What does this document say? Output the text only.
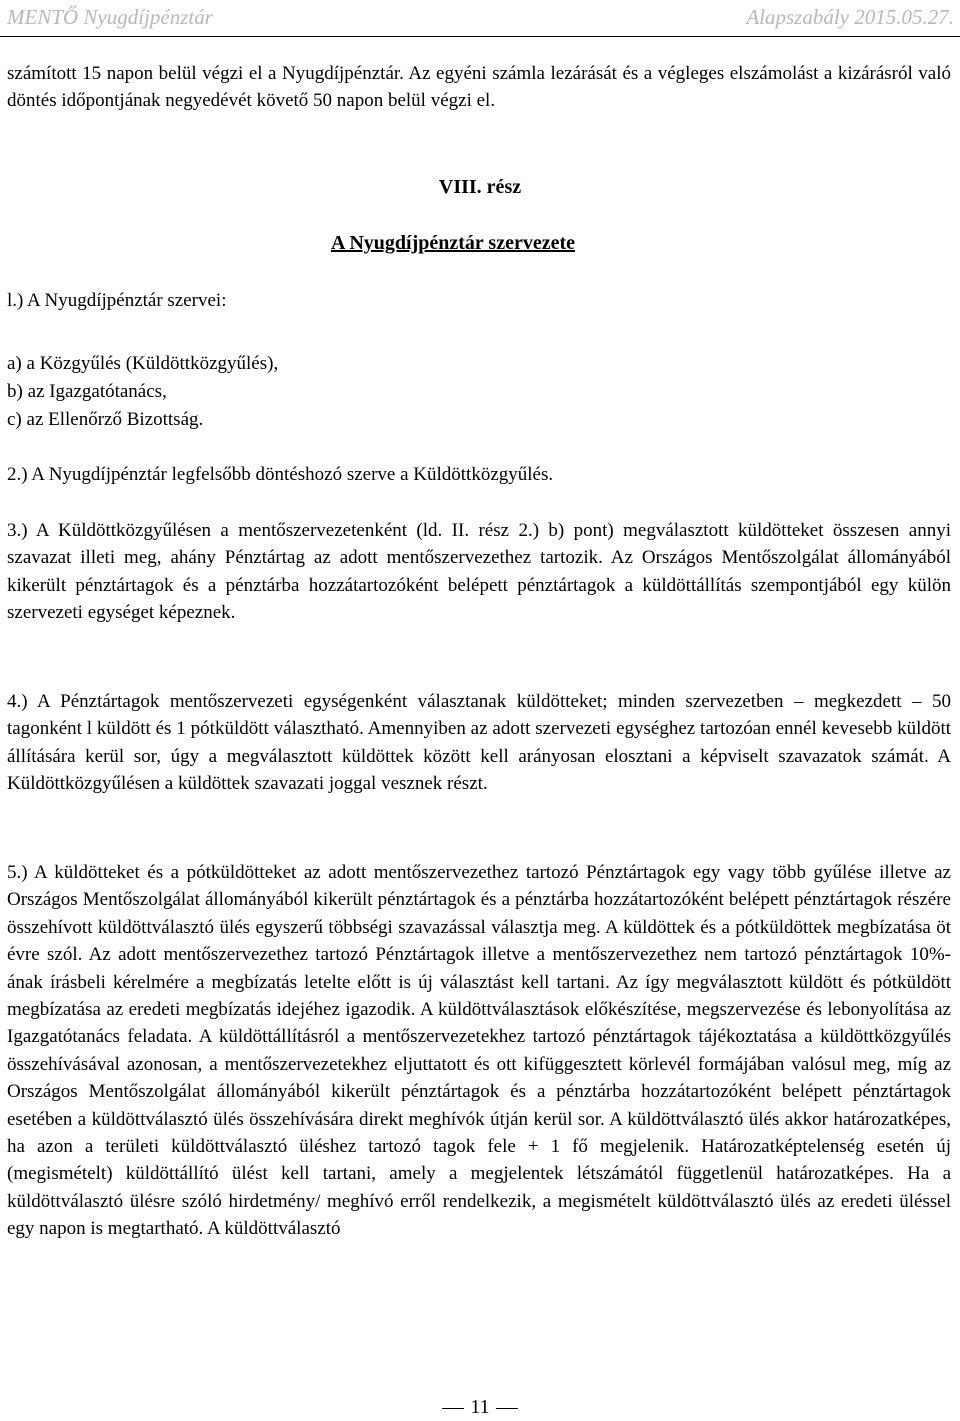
MENTŐ Nyugdíjpénztár	Alapszabály 2015.05.27.

számított 15 napon belül végzi el a Nyugdíjpénztár. Az egyéni számla lezárását és a végleges elszámolást a kizárásról való döntés időpontjának negyedévét követő 50 napon belül végzi el.

VIII. rész

A Nyugdíjpénztár szervezete

l.) A Nyugdíjpénztár szervei:

a) a Közgyűlés (Küldöttközgyűlés),

b) az Igazgatótanács,

c) az Ellenőrző Bizottság.

2.) A Nyugdíjpénztár legfelsőbb döntéshozó szerve a Küldöttközgyűlés.

3.) A Küldöttközgyűlésen a mentőszervezetenként (ld. II. rész 2.) b) pont) megválasztott küldötteket összesen annyi szavazat illeti meg, ahány Pénztártag az adott mentőszervezethez tartozik. Az Országos Mentőszolgálat állományából kikerült pénztártagok és a pénztárba hozzátartozóként belépett pénztártagok a küldöttállítás szempontjából egy külön szervezeti egységet képeznek.

4.) A Pénztártagok mentőszervezeti egységenként választanak küldötteket; minden szervezetben – megkezdett – 50 tagonként l küldött és 1 pótküldött választható. Amennyiben az adott szervezeti egységhez tartozóan ennél kevesebb küldött állítására kerül sor, úgy a megválasztott küldöttek között kell arányosan elosztani a képviselt szavazatok számát. A Küldöttközgyűlésen a küldöttek szavazati joggal vesznek részt.

5.) A küldötteket és a pótküldötteket az adott mentőszervezethez tartozó Pénztártagok egy vagy több gyűlése illetve az Országos Mentőszolgálat állományából kikerült pénztártagok és a pénztárba hozzátartozóként belépett pénztártagok részére összehívott küldöttválasztó ülés egyszerű többségi szavazással választja meg. A küldöttek és a pótküldöttek megbízatása öt évre szól. Az adott mentőszervezethez tartozó Pénztártagok illetve a mentőszervezethez nem tartozó pénztártagok 10%-ának írásbeli kérelmére a megbízatás letelte előtt is új választást kell tartani. Az így megválasztott küldött és pótküldött megbízatása az eredeti megbízatás idejéhez igazodik. A küldöttválasztások előkészítése, megszervezése és lebonyolítása az Igazgatótanács feladata. A küldöttállításról a mentőszervezetekhez tartozó pénztártagok tájékoztatása a küldöttközgyűlés összehívásával azonosan, a mentőszervezetekhez eljuttatott és ott kifüggesztett körlevél formájában valósul meg, míg az Országos Mentőszolgálat állományából kikerült pénztártagok és a pénztárba hozzátartozóként belépett pénztártagok esetében a küldöttválasztó ülés összehívására direkt meghívók útján kerül sor. A küldöttválasztó ülés akkor határozatképes, ha azon a területi küldöttválasztó üléshez tartozó tagok fele + 1 fő megjelenik. Határozatképtelenség esetén új (megismételt) küldöttállító ülést kell tartani, amely a megjelentek létszámától függetlenül határozatképes. Ha a küldöttválasztó ülésre szóló hirdetmény/ meghívó erről rendelkezik, a megismételt küldöttválasztó ülés az eredeti üléssel egy napon is megtartható. A küldöttválasztó

11
